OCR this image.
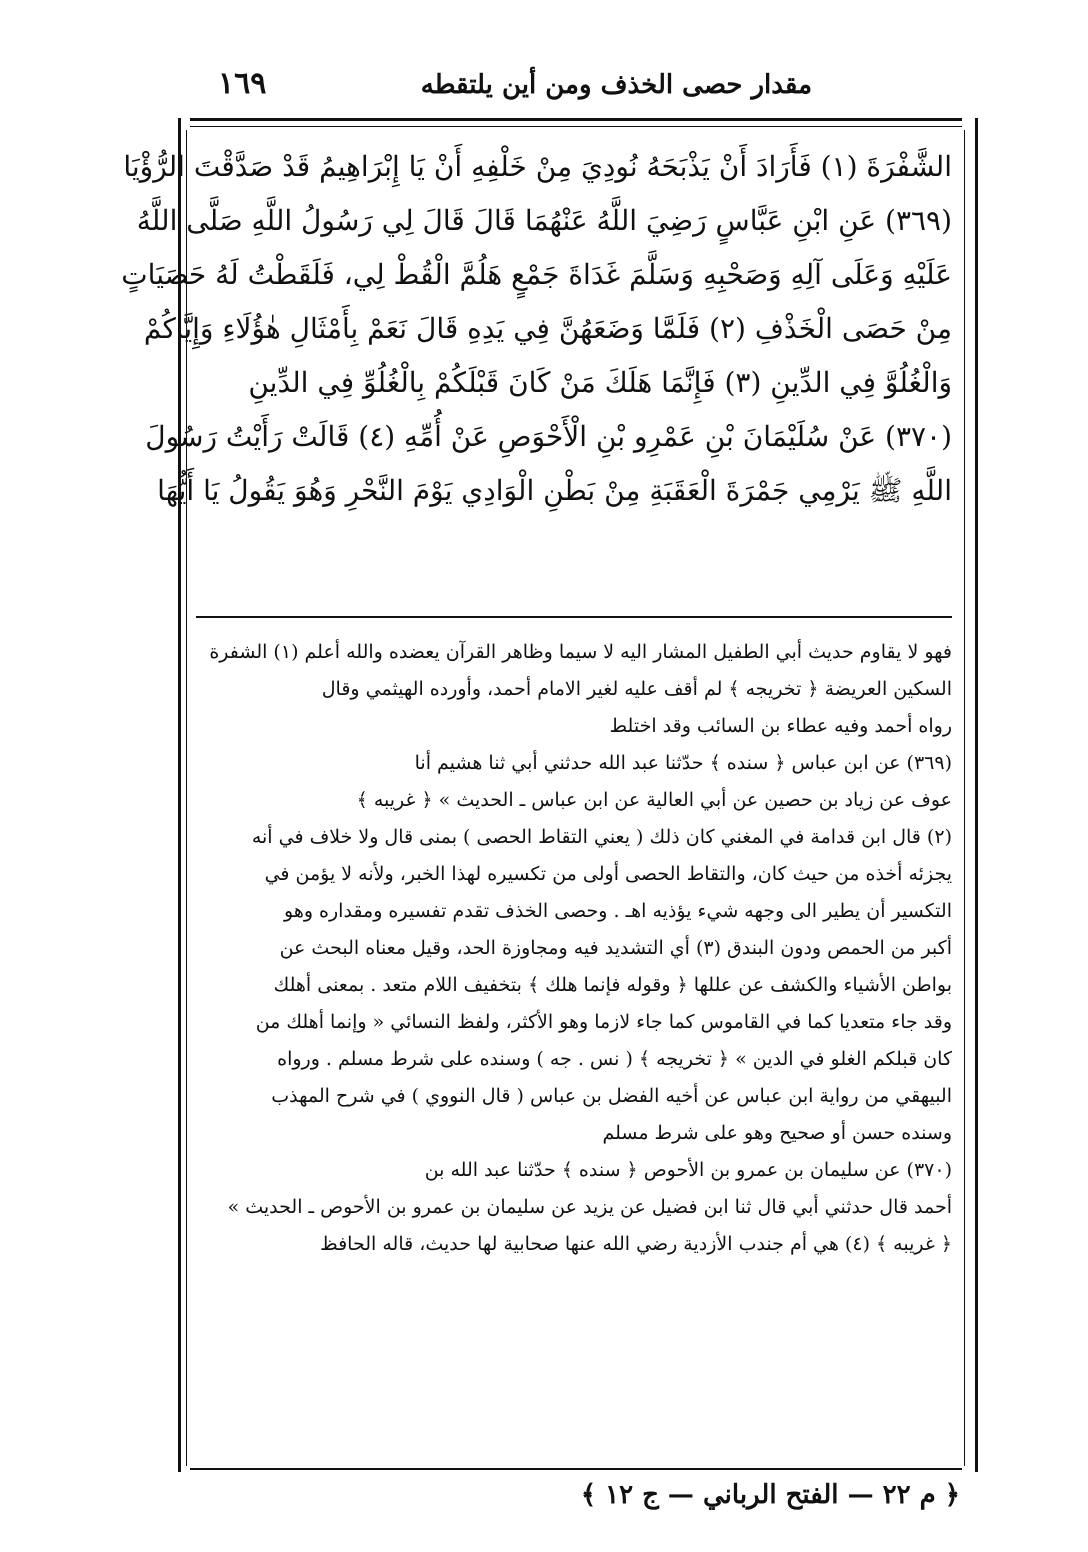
مقدار حصى الخذف ومن أين يلتقطه
١٦٩
الشَّفْرَةَ (١) فَأَرَادَ أَنْ يَذْبَحَهُ نُودِيَ مِنْ خَلْفِهِ أَنْ يَا إِبْرَاهِيمُ قَدْ صَدَّقْتَ الرُّؤْيَا
(٣٦٩) عَنِ ابْنِ عَبَّاسٍ رَضِيَ اللَّهُ عَنْهُمَا قَالَ قَالَ لِي رَسُولُ اللَّهِ صَلَّى اللَّهُ
عَلَيْهِ وَعَلَى آلِهِ وَصَحْبِهِ وَسَلَّمَ غَدَاةَ جَمْعٍ هَلُمَّ الْقُطْ لِي، فَلَقَطْتُ لَهُ حَصَيَاتٍ
مِنْ حَصَى الْخَذْفِ (٢) فَلَمَّا وَضَعَهُنَّ فِي يَدِهِ قَالَ نَعَمْ بِأَمْثَالِ هٰؤُلَاءِ وَإِيَّاكُمْ
وَالْغُلُوَّ فِي الدِّينِ (٣) فَإِنَّمَا هَلَكَ مَنْ كَانَ قَبْلَكُمْ بِالْغُلُوِّ فِي الدِّينِ
(٣٧٠) عَنْ سُلَيْمَانَ بْنِ عَمْرِو بْنِ الْأَحْوَصِ عَنْ أُمِّهِ (٤) قَالَتْ رَأَيْتُ رَسُولَ
اللَّهِ ﷺ يَرْمِي جَمْرَةَ الْعَقَبَةِ مِنْ بَطْنِ الْوَادِي يَوْمَ النَّحْرِ وَهُوَ يَقُولُ يَا أَيُّهَا
فهو لا يقاوم حديث أبي الطفيل المشار اليه لا سيما وظاهر القرآن يعضده والله أعلم (١) الشفرة
السكين العريضة ﴿ تخريجه ﴾ لم أقف عليه لغير الامام أحمد، وأورده الهيثمي وقال
رواه أحمد وفيه عطاء بن السائب وقد اختلط
(٣٦٩) عن ابن عباس ﴿ سنده ﴾ حدّثنا عبد الله حدثني أبي ثنا هشيم أنا
عوف عن زياد بن حصين عن أبي العالية عن ابن عباس ـ الحديث » ﴿ غريبه ﴾
(٢) قال ابن قدامة في المغني كان ذلك ( يعني التقاط الحصى ) بمنى قال ولا خلاف في أنه
يجزئه أخذه من حيث كان، والتقاط الحصى أولى من تكسيره لهذا الخبر، ولأنه لا يؤمن في
التكسير أن يطير الى وجهه شيء يؤذيه اهـ . وحصى الخذف تقدم تفسيره ومقداره وهو
أكبر من الحمص ودون البندق (٣) أي التشديد فيه ومجاوزة الحد، وقيل معناه البحث عن
بواطن الأشياء والكشف عن عللها ﴿ وقوله فإنما هلك ﴾ بتخفيف اللام متعد . بمعنى أهلك
وقد جاء متعديا كما في القاموس كما جاء لازما وهو الأكثر، ولفظ النسائي « وإنما أهلك من
كان قبلكم الغلو في الدين » ﴿ تخريجه ﴾ ( نس . جه ) وسنده على شرط مسلم . ورواه
البيهقي من رواية ابن عباس عن أخيه الفضل بن عباس ( قال النووي ) في شرح المهذب
وسنده حسن أو صحيح وهو على شرط مسلم
(٣٧٠) عن سليمان بن عمرو بن الأحوص ﴿ سنده ﴾ حدّثنا عبد الله بن
أحمد قال حدثني أبي قال ثنا ابن فضيل عن يزيد عن سليمان بن عمرو بن الأحوص ـ الحديث »
﴿ غريبه ﴾ (٤) هي أم جندب الأزدية رضي الله عنها صحابية لها حديث، قاله الحافظ
﴿ م ٢٢ — الفتح الرباني — ج ١٢ ﴾
